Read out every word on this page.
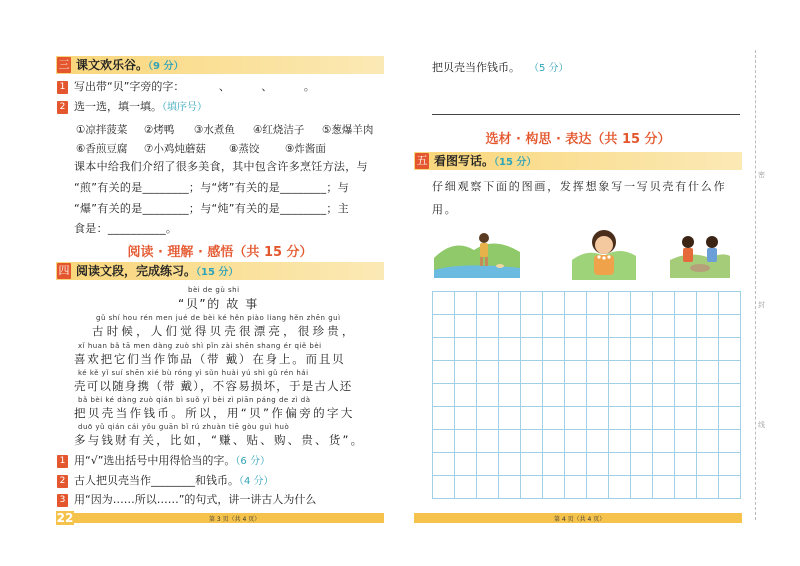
三 课文欢乐谷。（9 分）
1 写出带“贝”字旁的字：	、 、 。
2 选一选，填一填。（填序号）
①凉拌菠菜 ②烤鸭 ③水煮鱼 ④红烧洁子 ⑤葱爆羊肉
⑥香煎豆腐 ⑦小鸡炖蘑菇 ⑧蒸饺 ⑨炸酱面
课本中给我们介绍了很多美食，其中包含许多烹饪方法，与
“煎”有关的是________；与“烤”有关的是________；与
“爆”有关的是________；与“炖”有关的是________；主
食是：__________。
阅读 · 理解 · 感悟（共 15 分）
四 阅读文段，完成练习。（15 分）
bèi de gù shi
“贝”的 故 事
gǔ shí hou rén men jué de bèi ké hěn piào liang hěn zhēn guì
古时候，人们觉得贝壳很漂亮，很珍贵，
xǐ huan bǎ tā men dàng zuò shì pǐn zài shēn shang ér qiě bèi
喜欢把它们当作饰品（带 戴）在身上。而且贝
ké kě yǐ suí shēn xié bù róng yì sǔn huài yú shì gǔ rén hái
壳可以随身携（带 戴），不容易损坏，于是古人还
bǎ bèi ké dàng zuò qián bì suǒ yǐ bèi zì piān páng de zì dà
把贝壳当作钱币。所以，用“贝”作偏旁的字大
duō yǔ qián cái yǒu guān bǐ rú zhuàn tiē gòu guì huò
多与钱财有关，比如，“赚、贴、购、贵、货”。
1 用“√”选出括号中用得恰当的字。（6 分）
2 古人把贝壳当作________和钱币。（4 分）
3 用“因为……所以……”的句式，讲一讲古人为什么
22	第 3 页（共 4 页）
把贝壳当作钱币。 （5 分）
选材 · 构思 · 表达（共 15 分）
五 看图写话。（15 分）
仔细观察下面的图画，发挥想象写一写贝壳有什么作
用。
第 4 页（共 4 页）
密
封
线
